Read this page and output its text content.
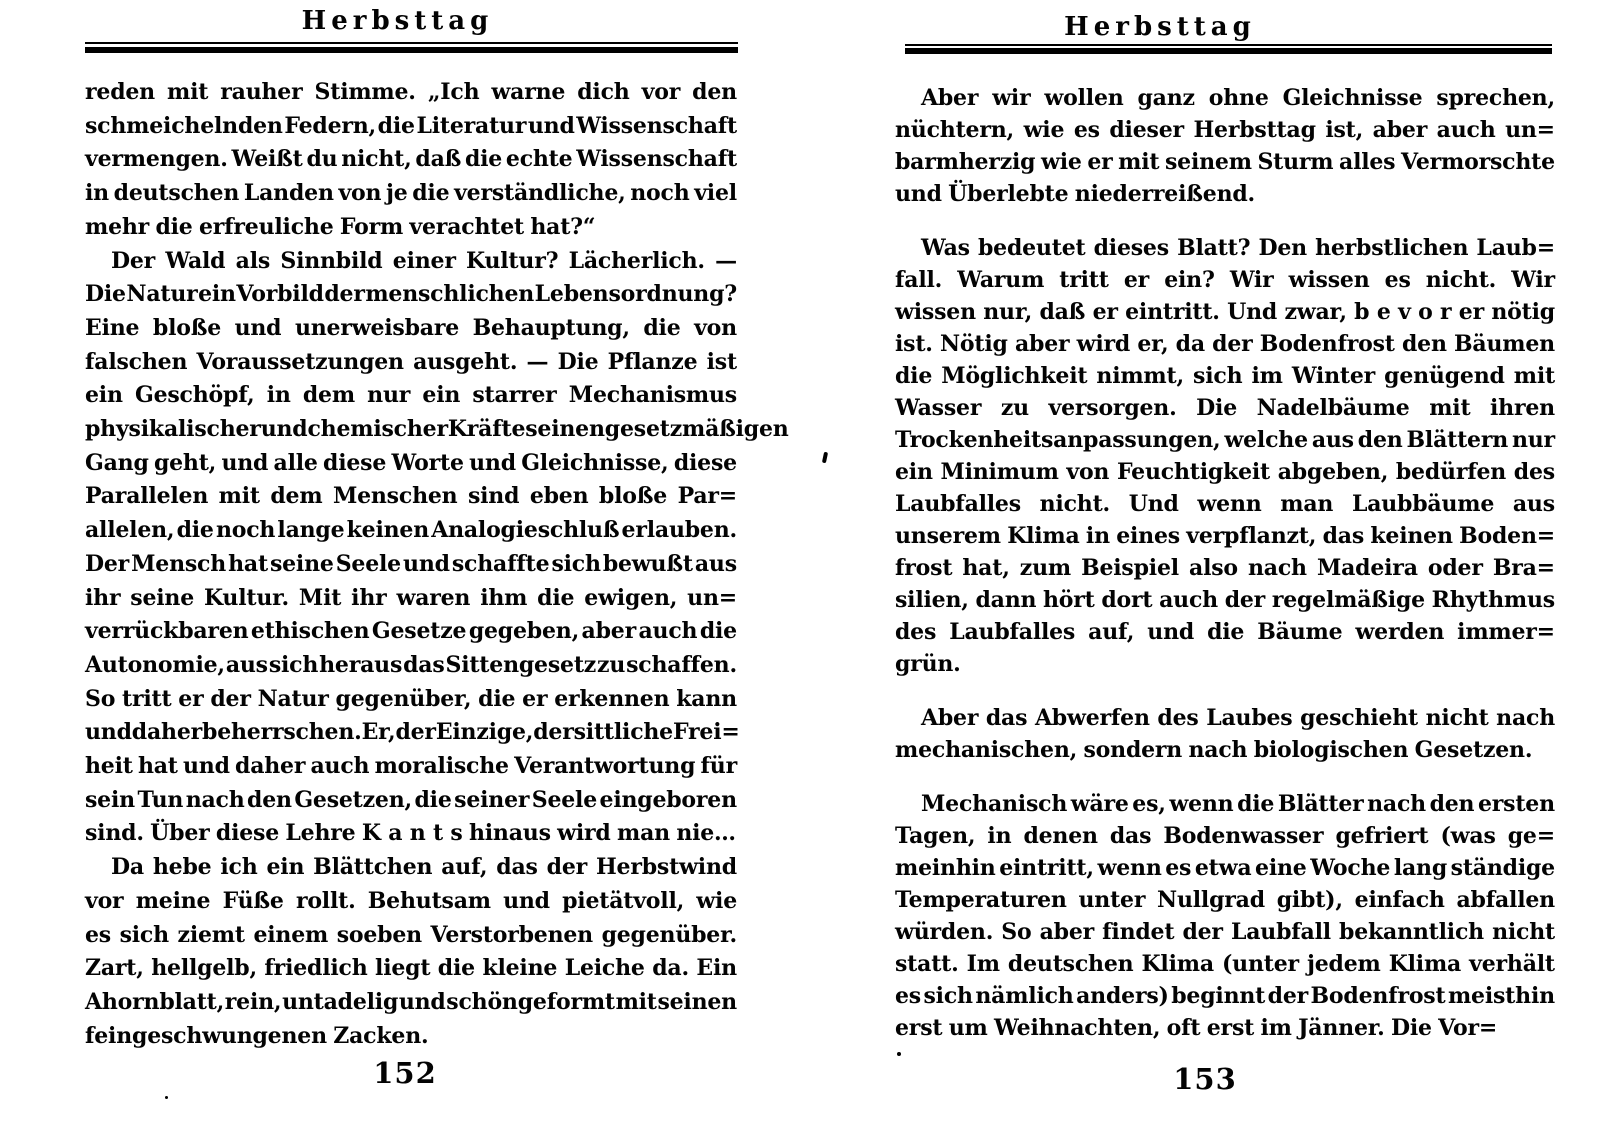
Herbsttag
reden mit rauher Stimme. „Ich warne dich vor den
schmeichelnden Federn, die Literatur und Wissenschaft
vermengen. Weißt du nicht, daß die echte Wissenschaft
in deutschen Landen von je die verständliche, noch viel
mehr die erfreuliche Form verachtet hat?“
Der Wald als Sinnbild einer Kultur? Lächerlich. —
Die Natur ein Vorbild der menschlichen Lebensordnung?
Eine bloße und unerweisbare Behauptung, die von
falschen Voraussetzungen ausgeht. — Die Pflanze ist
ein Geschöpf, in dem nur ein starrer Mechanismus
physikalischer und chemischer Kräfte seinen gesetzmäßigen
Gang geht, und alle diese Worte und Gleichnisse, diese
Parallelen mit dem Menschen sind eben bloße Par=
allelen, die noch lange keinen Analogieschluß erlauben.
Der Mensch hat seine Seele und schaffte sich bewußt aus
ihr seine Kultur. Mit ihr waren ihm die ewigen, un=
verrückbaren ethischen Gesetze gegeben, aber auch die
Autonomie, aus sich heraus das Sittengesetz zu schaffen.
So tritt er der Natur gegenüber, die er erkennen kann
und daher beherrschen. Er, der Einzige, der sittliche Frei=
heit hat und daher auch moralische Verantwortung für
sein Tun nach den Gesetzen, die seiner Seele eingeboren
sind. Über diese Lehre K a n t s hinaus wird man nie…
Da hebe ich ein Blättchen auf, das der Herbstwind
vor meine Füße rollt. Behutsam und pietätvoll, wie
es sich ziemt einem soeben Verstorbenen gegenüber.
Zart, hellgelb, friedlich liegt die kleine Leiche da. Ein
Ahornblatt, rein, untadelig und schöngeformt mit seinen
feingeschwungenen Zacken.
152
Herbsttag
Aber wir wollen ganz ohne Gleichnisse sprechen,
nüchtern, wie es dieser Herbsttag ist, aber auch un=
barmherzig wie er mit seinem Sturm alles Vermorschte
und Überlebte niederreißend.
Was bedeutet dieses Blatt? Den herbstlichen Laub=
fall. Warum tritt er ein? Wir wissen es nicht. Wir
wissen nur, daß er eintritt. Und zwar, b e v o r er nötig
ist. Nötig aber wird er, da der Bodenfrost den Bäumen
die Möglichkeit nimmt, sich im Winter genügend mit
Wasser zu versorgen. Die Nadelbäume mit ihren
Trockenheitsanpassungen, welche aus den Blättern nur
ein Minimum von Feuchtigkeit abgeben, bedürfen des
Laubfalles nicht. Und wenn man Laubbäume aus
unserem Klima in eines verpflanzt, das keinen Boden=
frost hat, zum Beispiel also nach Madeira oder Bra=
silien, dann hört dort auch der regelmäßige Rhythmus
des Laubfalles auf, und die Bäume werden immer=
grün.
Aber das Abwerfen des Laubes geschieht nicht nach
mechanischen, sondern nach biologischen Gesetzen.
Mechanisch wäre es, wenn die Blätter nach den ersten
Tagen, in denen das Bodenwasser gefriert (was ge=
meinhin eintritt, wenn es etwa eine Woche lang ständige
Temperaturen unter Nullgrad gibt), einfach abfallen
würden. So aber findet der Laubfall bekanntlich nicht
statt. Im deutschen Klima (unter jedem Klima verhält
es sich nämlich anders) beginnt der Bodenfrost meisthin
erst um Weihnachten, oft erst im Jänner. Die Vor=
153
